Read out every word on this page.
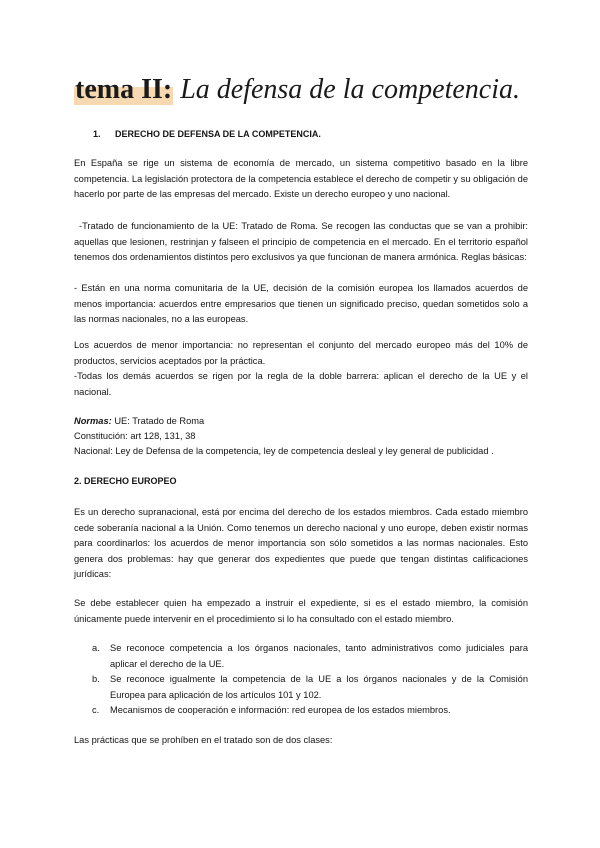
tema II: La defensa de la competencia.

1. DERECHO DE DEFENSA DE LA COMPETENCIA.

En España se rige un sistema de economía de mercado, un sistema competitivo basado en la libre competencia. La legislación protectora de la competencia establece el derecho de competir y su obligación de hacerlo por parte de las empresas del mercado. Existe un derecho europeo y uno nacional.

-Tratado de funcionamiento de la UE: Tratado de Roma. Se recogen las conductas que se van a prohibir: aquellas que lesionen, restrinjan y falseen el principio de competencia en el mercado. En el territorio español tenemos dos ordenamientos distintos pero exclusivos ya que funcionan de manera armónica. Reglas básicas:

- Están en una norma comunitaria de la UE, decisión de la comisión europea los llamados acuerdos de menos importancia: acuerdos entre empresarios que tienen un significado preciso, quedan sometidos solo a las normas nacionales, no a las europeas.

Los acuerdos de menor importancia: no representan el conjunto del mercado europeo más del 10% de productos, servicios aceptados por la práctica.

-Todas los demás acuerdos se rigen por la regla de la doble barrera: aplican el derecho de la UE y el nacional.

Normas: UE: Tratado de Roma

Constitución: art 128, 131, 38

Nacional: Ley de Defensa de la competencia, ley de competencia desleal y ley general de publicidad .

2. DERECHO EUROPEO

Es un derecho supranacional, está por encima del derecho de los estados miembros. Cada estado miembro cede soberanía nacional a la Unión. Como tenemos un derecho nacional y uno europe, deben existir normas para coordinarlos: los acuerdos de menor importancia son sólo sometidos a las normas nacionales. Esto genera dos problemas: hay que generar dos expedientes que puede que tengan distintas calificaciones jurídicas:

Se debe establecer quien ha empezado a instruir el expediente, si es el estado miembro, la comisión únicamente puede intervenir en el procedimiento si lo ha consultado con el estado miembro.

a. Se reconoce competencia a los órganos nacionales, tanto administrativos como judiciales para aplicar el derecho de la UE.
b. Se reconoce igualmente la competencia de la UE a los órganos nacionales y de la Comisión Europea para aplicación de los artículos 101 y 102.
c. Mecanismos de cooperación e información: red europea de los estados miembros.

Las prácticas que se prohíben en el tratado son de dos clases:
